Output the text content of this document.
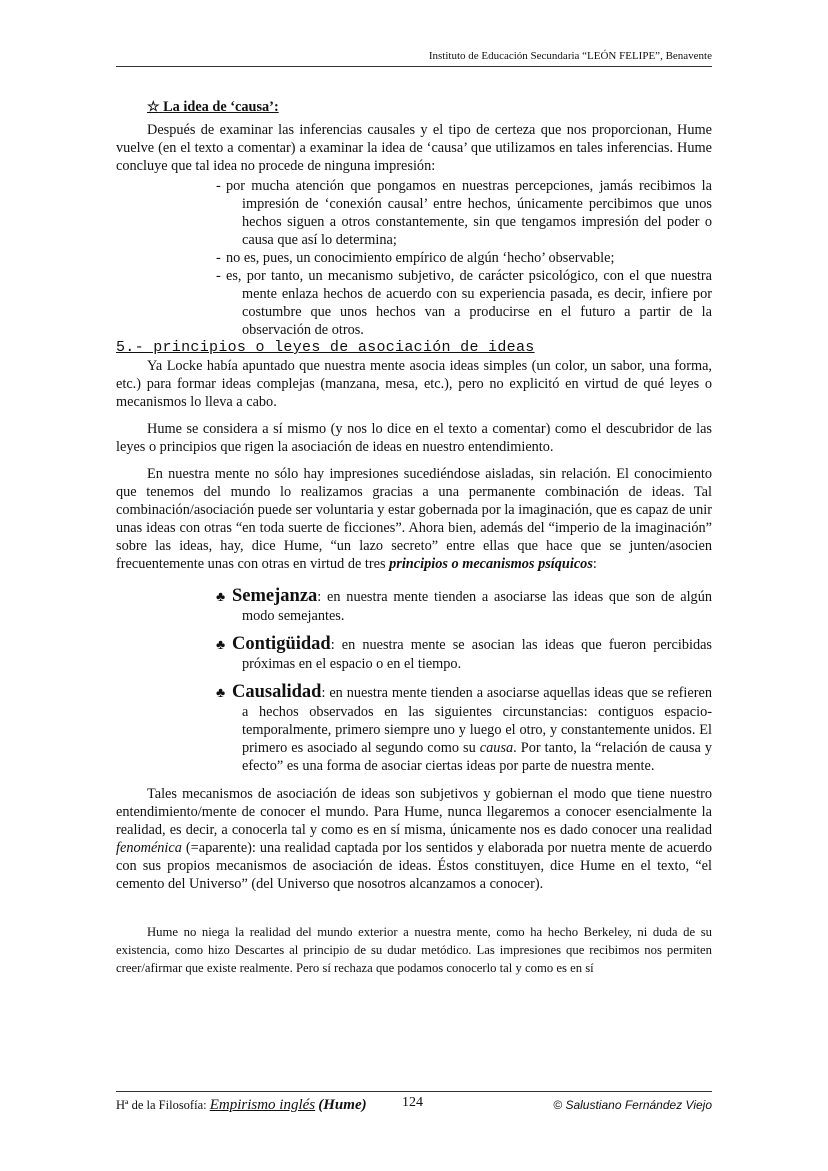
Instituto de Educación Secundaria “LEÓN FELIPE”, Benavente

☆ La idea de ‘causa’:

Después de examinar las inferencias causales y el tipo de certeza que nos proporcionan, Hume vuelve (en el texto a comentar) a examinar la idea de ‘causa’ que utilizamos en tales inferencias. Hume concluye que tal idea no procede de ninguna impresión:

- por mucha atención que pongamos en nuestras percepciones, jamás recibimos la impresión de ‘conexión causal’ entre hechos, únicamente percibimos que unos hechos siguen a otros constantemente, sin que tengamos impresión del poder o causa que así lo determina;
- no es, pues, un conocimiento empírico de algún ‘hecho’ observable;
- es, por tanto, un mecanismo subjetivo, de carácter psicológico, con el que nuestra mente enlaza hechos de acuerdo con su experiencia pasada, es decir, infiere por costumbre que unos hechos van a producirse en el futuro a partir de la observación de otros.

5.- principios o leyes de asociación de ideas

Ya Locke había apuntado que nuestra mente asocia ideas simples (un color, un sabor, una forma, etc.) para formar ideas complejas (manzana, mesa, etc.), pero no explicitó en virtud de qué leyes o mecanismos lo lleva a cabo.

Hume se considera a sí mismo (y nos lo dice en el texto a comentar) como el descubridor de las leyes o principios que rigen la asociación de ideas en nuestro entendimiento.

En nuestra mente no sólo hay impresiones sucediéndose aisladas, sin relación. El conocimiento que tenemos del mundo lo realizamos gracias a una permanente combinación de ideas. Tal combinación/asociación puede ser voluntaria y estar gobernada por la imaginación, que es capaz de unir unas ideas con otras “en toda suerte de ficciones”. Ahora bien, además del “imperio de la imaginación” sobre las ideas, hay, dice Hume, “un lazo secreto” entre ellas que hace que se junten/asocien frecuentemente unas con otras en virtud de tres principios o mecanismos psíquicos:

♣ Semejanza: en nuestra mente tienden a asociarse las ideas que son de algún modo semejantes.
♣ Contigüidad: en nuestra mente se asocian las ideas que fueron percibidas próximas en el espacio o en el tiempo.
♣ Causalidad: en nuestra mente tienden a asociarse aquellas ideas que se refieren a hechos observados en las siguientes circunstancias: contiguos espacio-temporalmente, primero siempre uno y luego el otro, y constantemente unidos. El primero es asociado al segundo como su causa. Por tanto, la “relación de causa y efecto” es una forma de asociar ciertas ideas por parte de nuestra mente.

Tales mecanismos de asociación de ideas son subjetivos y gobiernan el modo que tiene nuestro entendimiento/mente de conocer el mundo. Para Hume, nunca llegaremos a conocer esencialmente la realidad, es decir, a conocerla tal y como es en sí misma, únicamente nos es dado conocer una realidad fenoménica (=aparente): una realidad captada por los sentidos y elaborada por nuetra mente de acuerdo con sus propios mecanismos de asociación de ideas. Éstos constituyen, dice Hume en el texto, “el cemento del Universo” (del Universo que nosotros alcanzamos a conocer).

Hume no niega la realidad del mundo exterior a nuestra mente, como ha hecho Berkeley, ni duda de su existencia, como hizo Descartes al principio de su dudar metódico. Las impresiones que recibimos nos permiten creer/afirmar que existe realmente. Pero sí rechaza que podamos conocerlo tal y como es en sí

Hª de la Filosofía: Empirismo inglés (Hume)	124	© Salustiano Fernández Viejo
